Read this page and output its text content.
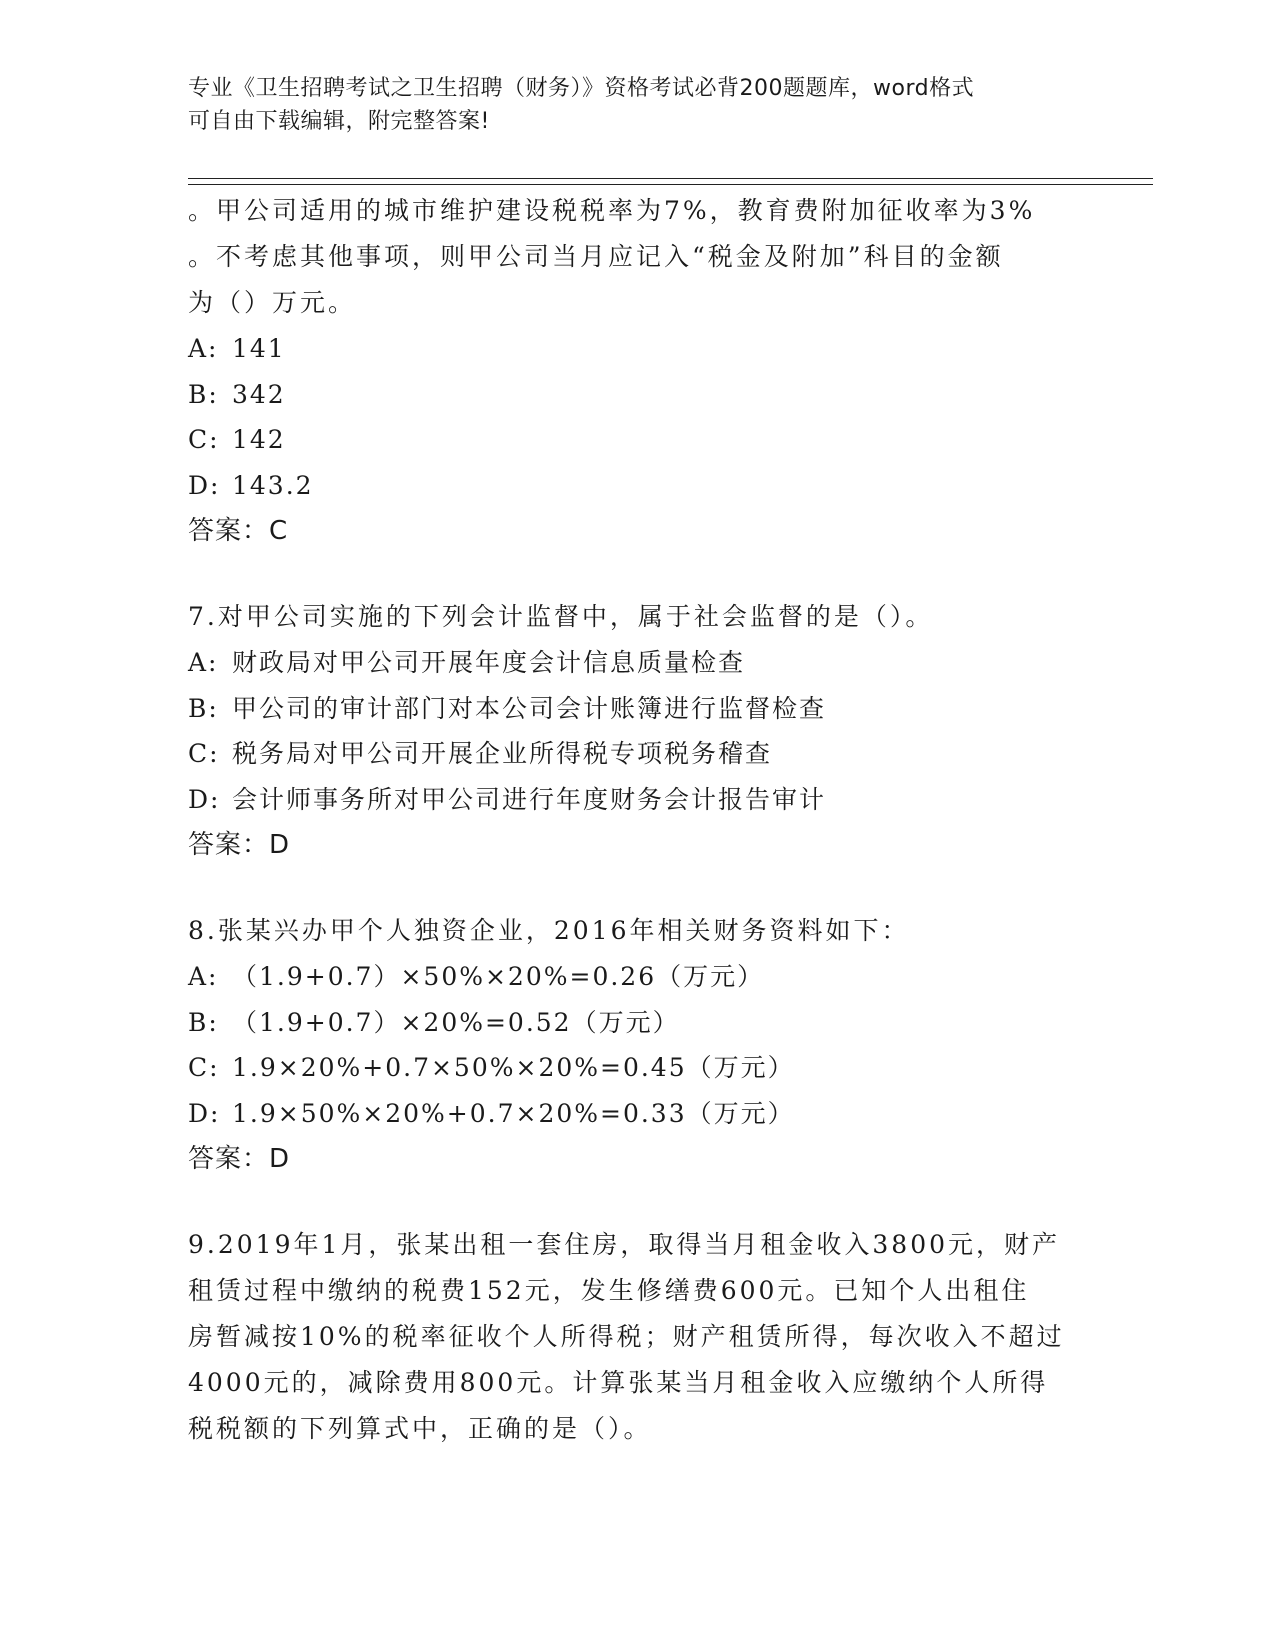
专业《卫生招聘考试之卫生招聘（财务）》资格考试必背200题题库，word格式
可自由下载编辑，附完整答案!
。甲公司适用的城市维护建设税税率为7%，教育费附加征收率为3%
。不考虑其他事项，则甲公司当月应记入“税金及附加”科目的金额
为（）万元。
A: 141
B: 342
C: 142
D: 143.2
答案：C
7.对甲公司实施的下列会计监督中，属于社会监督的是（）。
A: 财政局对甲公司开展年度会计信息质量检查
B: 甲公司的审计部门对本公司会计账簿进行监督检查
C: 税务局对甲公司开展企业所得税专项税务稽查
D: 会计师事务所对甲公司进行年度财务会计报告审计
答案：D
8.张某兴办甲个人独资企业，2016年相关财务资料如下：
A: （1.9+0.7）×50%×20%=0.26（万元）
B: （1.9+0.7）×20%=0.52（万元）
C: 1.9×20%+0.7×50%×20%=0.45（万元）
D: 1.9×50%×20%+0.7×20%=0.33（万元）
答案：D
9.2019年1月，张某出租一套住房，取得当月租金收入3800元，财产
租赁过程中缴纳的税费152元，发生修缮费600元。已知个人出租住
房暂减按10%的税率征收个人所得税；财产租赁所得，每次收入不超过
4000元的，减除费用800元。计算张某当月租金收入应缴纳个人所得
税税额的下列算式中，正确的是（）。
